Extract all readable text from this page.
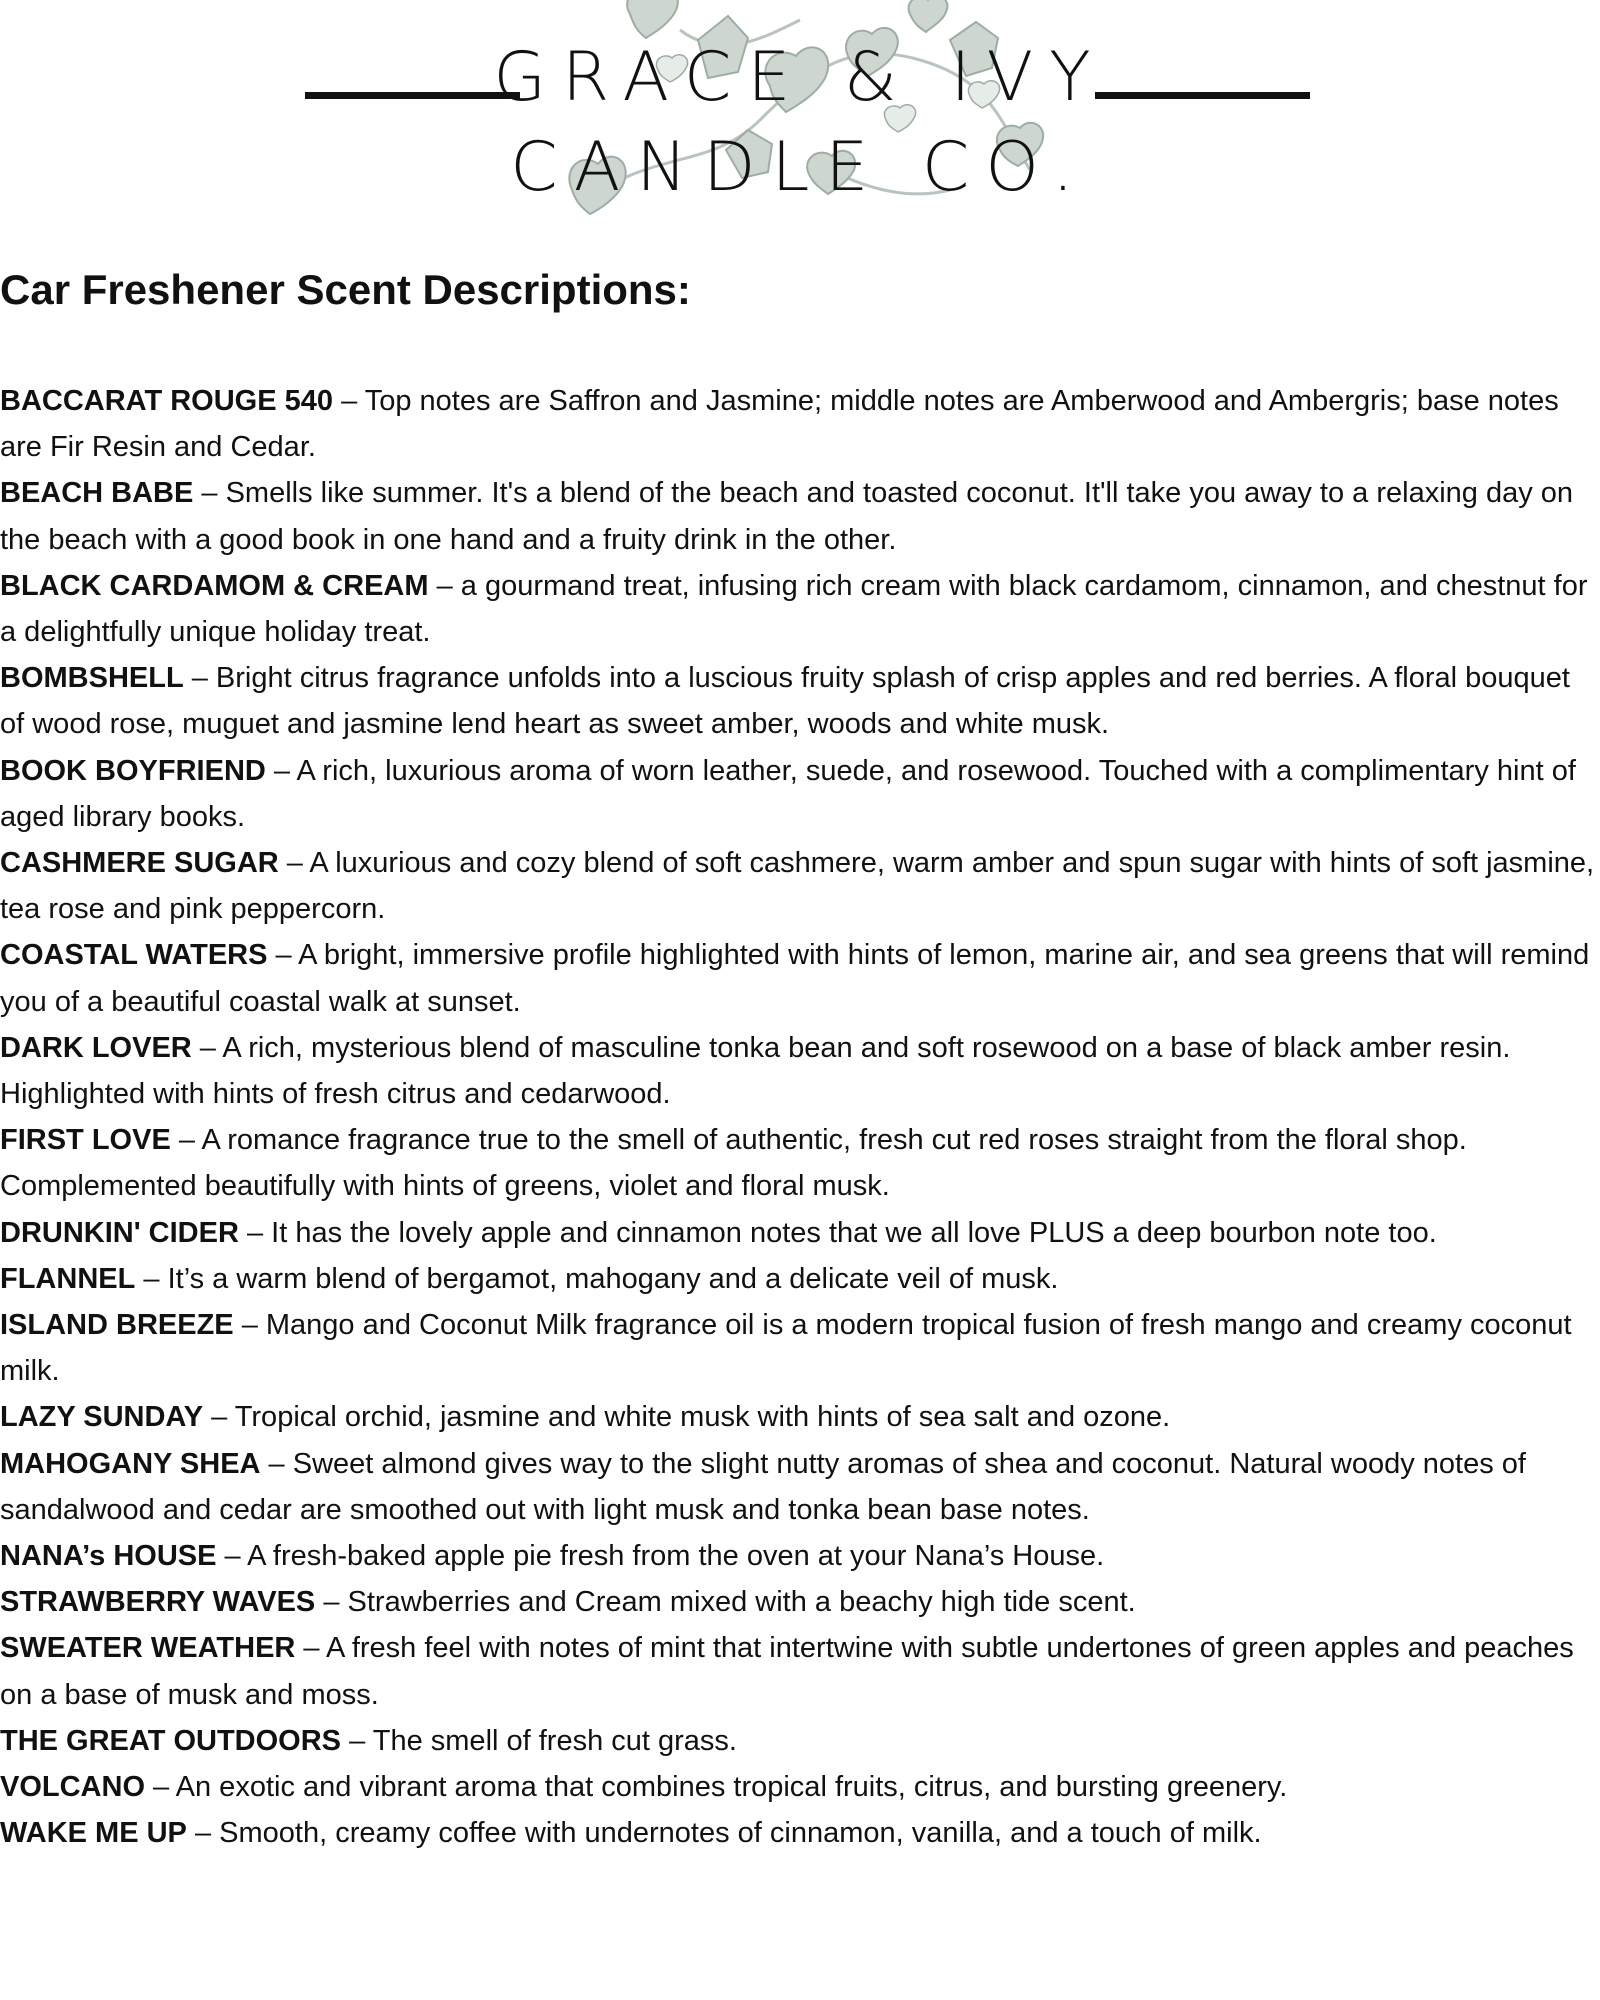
GRACE & IVY
CANDLE CO.
Car Freshener Scent Descriptions:
BACCARAT ROUGE 540 – Top notes are Saffron and Jasmine; middle notes are Amberwood and Ambergris; base notes are Fir Resin and Cedar.
BEACH BABE – Smells like summer. It's a blend of the beach and toasted coconut. It'll take you away to a relaxing day on the beach with a good book in one hand and a fruity drink in the other.
BLACK CARDAMOM & CREAM – a gourmand treat, infusing rich cream with black cardamom, cinnamon, and chestnut for a delightfully unique holiday treat.
BOMBSHELL – Bright citrus fragrance unfolds into a luscious fruity splash of crisp apples and red berries. A floral bouquet of wood rose, muguet and jasmine lend heart as sweet amber, woods and white musk.
BOOK BOYFRIEND – A rich, luxurious aroma of worn leather, suede, and rosewood. Touched with a complimentary hint of aged library books.
CASHMERE SUGAR – A luxurious and cozy blend of soft cashmere, warm amber and spun sugar with hints of soft jasmine, tea rose and pink peppercorn.
COASTAL WATERS – A bright, immersive profile highlighted with hints of lemon, marine air, and sea greens that will remind you of a beautiful coastal walk at sunset.
DARK LOVER – A rich, mysterious blend of masculine tonka bean and soft rosewood on a base of black amber resin. Highlighted with hints of fresh citrus and cedarwood.
FIRST LOVE – A romance fragrance true to the smell of authentic, fresh cut red roses straight from the floral shop. Complemented beautifully with hints of greens, violet and floral musk.
DRUNKIN' CIDER – It has the lovely apple and cinnamon notes that we all love PLUS a deep bourbon note too.
FLANNEL – It’s a warm blend of bergamot, mahogany and a delicate veil of musk.
ISLAND BREEZE – Mango and Coconut Milk fragrance oil is a modern tropical fusion of fresh mango and creamy coconut milk.
LAZY SUNDAY – Tropical orchid, jasmine and white musk with hints of sea salt and ozone.
MAHOGANY SHEA – Sweet almond gives way to the slight nutty aromas of shea and coconut. Natural woody notes of sandalwood and cedar are smoothed out with light musk and tonka bean base notes.
NANA’s HOUSE – A fresh-baked apple pie fresh from the oven at your Nana’s House.
STRAWBERRY WAVES – Strawberries and Cream mixed with a beachy high tide scent.
SWEATER WEATHER – A fresh feel with notes of mint that intertwine with subtle undertones of green apples and peaches on a base of musk and moss.
THE GREAT OUTDOORS – The smell of fresh cut grass.
VOLCANO – An exotic and vibrant aroma that combines tropical fruits, citrus, and bursting greenery.
WAKE ME UP – Smooth, creamy coffee with undernotes of cinnamon, vanilla, and a touch of milk.
